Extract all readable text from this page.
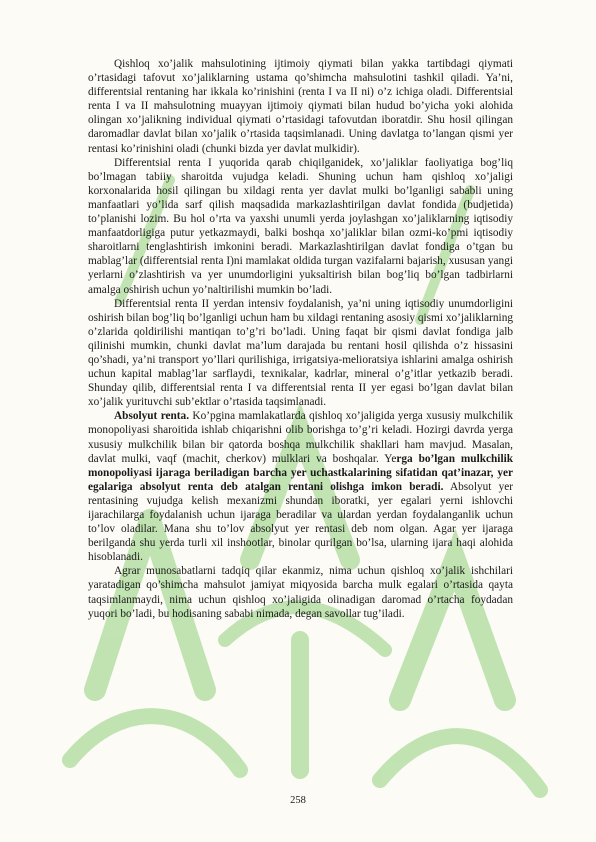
Qishloq xo’jalik mahsulotining ijtimoiy qiymati bilan yakka tartibdagi qiymati o’rtasidagi tafovut xo’jaliklarning ustama qo’shimcha mahsulotini tashkil qiladi. Ya’ni, differentsial rentaning har ikkala ko’rinishini (renta I va II ni) o’z ichiga oladi. Differentsial renta I va II mahsulotning muayyan ijtimoiy qiymati bilan hudud bo’yicha yoki alohida olingan xo’jalikning individual qiymati o’rtasidagi tafovutdan iboratdir. Shu hosil qilingan daromadlar davlat bilan xo’jalik o’rtasida taqsimlanadi. Uning davlatga to’langan qismi yer rentasi ko’rinishini oladi (chunki bizda yer davlat mulkidir).

Differentsial renta I yuqorida qarab chiqilganidek, xo’jaliklar faoliyatiga bog’liq bo’lmagan tabiiy sharoitda vujudga keladi. Shuning uchun ham qishloq xo’jaligi korxonalarida hosil qilingan bu xildagi renta yer davlat mulki bo’lganligi sababli uning manfaatlari yo’lida sarf qilish maqsadida markazlashtirilgan davlat fondida (budjetida) to’planishi lozim. Bu hol o’rta va yaxshi unumli yerda joylashgan xo’jaliklarning iqtisodiy manfaatdorligiga putur yetkazmaydi, balki boshqa xo’jaliklar bilan ozmi-ko’pmi iqtisodiy sharoitlarni tenglashtirish imkonini beradi. Markazlashtirilgan davlat fondiga o’tgan bu mablag’lar (differentsial renta I)ni mamlakat oldida turgan vazifalarni bajarish, xususan yangi yerlarni o’zlashtirish va yer unumdorligini yuksaltirish bilan bog’liq bo’lgan tadbirlarni amalga oshirish uchun yo’naltirilishi mumkin bo’ladi.

Differentsial renta II yerdan intensiv foydalanish, ya’ni uning iqtisodiy unumdorligini oshirish bilan bog’liq bo’lganligi uchun ham bu xildagi rentaning asosiy qismi xo’jaliklarning o’zlarida qoldirilishi mantiqan to’g’ri bo’ladi. Uning faqat bir qismi davlat fondiga jalb qilinishi mumkin, chunki davlat ma’lum darajada bu rentani hosil qilishda o’z hissasini qo’shadi, ya’ni transport yo’llari qurilishiga, irrigatsiya-melioratsiya ishlarini amalga oshirish uchun kapital mablag’lar sarflaydi, texnikalar, kadrlar, mineral o’g’itlar yetkazib beradi. Shunday qilib, differentsial renta I va differentsial renta II yer egasi bo’lgan davlat bilan xo’jalik yurituvchi sub’ektlar o’rtasida taqsimlanadi.

Absolyut renta. Ko’pgina mamlakatlarda qishloq xo’jaligida yerga xususiy mulkchilik monopoliyasi sharoitida ishlab chiqarishni olib borishga to’g’ri keladi. Hozirgi davrda yerga xususiy mulkchilik bilan bir qatorda boshqa mulkchilik shakllari ham mavjud. Masalan, davlat mulki, vaqf (machit, cherkov) mulklari va boshqalar. Yerga bo’lgan mulkchilik monopoliyasi ijaraga beriladigan barcha yer uchastkalarining sifatidan qat’inazar, yer egalariga absolyut renta deb atalgan rentani olishga imkon beradi. Absolyut yer rentasining vujudga kelish mexanizmi shundan iboratki, yer egalari yerni ishlovchi ijarachilarga foydalanish uchun ijaraga beradilar va ulardan yerdan foydalanganlik uchun to’lov oladilar. Mana shu to’lov absolyut yer rentasi deb nom olgan. Agar yer ijaraga berilganda shu yerda turli xil inshootlar, binolar qurilgan bo’lsa, ularning ijara haqi alohida hisoblanadi.

Agrar munosabatlarni tadqiq qilar ekanmiz, nima uchun qishloq xo’jalik ishchilari yaratadigan qo’shimcha mahsulot jamiyat miqyosida barcha mulk egalari o’rtasida qayta taqsimlanmaydi, nima uchun qishloq xo’jaligida olinadigan daromad o’rtacha foydadan yuqori bo’ladi, bu hodisaning sababi nimada, degan savollar tug’iladi.

258
